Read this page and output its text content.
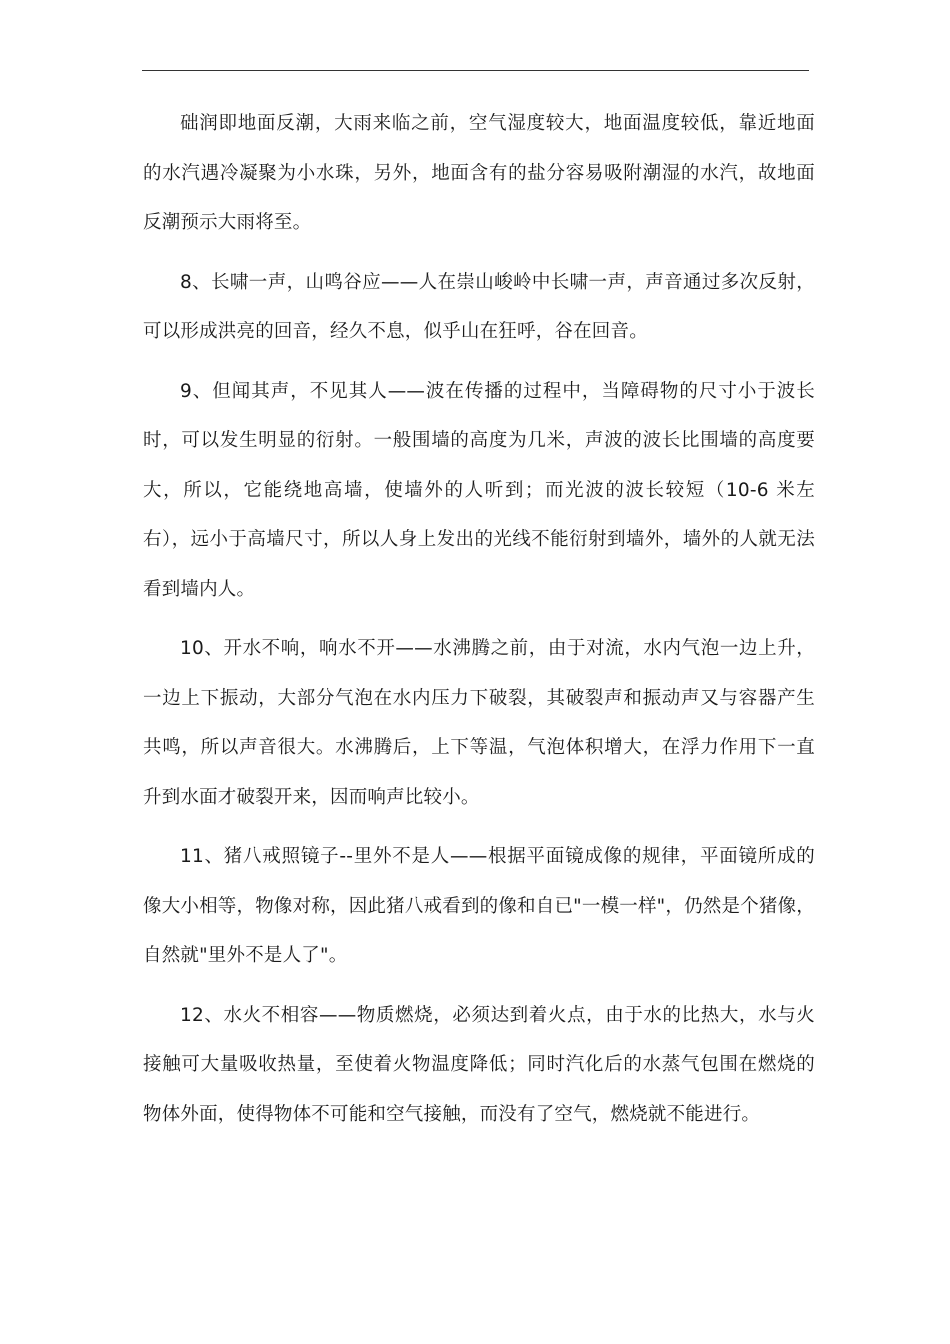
础润即地面反潮，大雨来临之前，空气湿度较大，地面温度较低，靠近地面的水汽遇冷凝聚为小水珠，另外，地面含有的盐分容易吸附潮湿的水汽，故地面反潮预示大雨将至。

8、长啸一声，山鸣谷应——人在崇山峻岭中长啸一声，声音通过多次反射，可以形成洪亮的回音，经久不息，似乎山在狂呼，谷在回音。

9、但闻其声，不见其人——波在传播的过程中，当障碍物的尺寸小于波长时，可以发生明显的衍射。一般围墙的高度为几米，声波的波长比围墙的高度要大，所以，它能绕地高墙，使墙外的人听到；而光波的波长较短（10-6 米左右），远小于高墙尺寸，所以人身上发出的光线不能衍射到墙外，墙外的人就无法看到墙内人。

10、开水不响，响水不开——水沸腾之前，由于对流，水内气泡一边上升，一边上下振动，大部分气泡在水内压力下破裂，其破裂声和振动声又与容器产生共鸣，所以声音很大。水沸腾后，上下等温，气泡体积增大，在浮力作用下一直升到水面才破裂开来，因而响声比较小。

11、猪八戒照镜子--里外不是人——根据平面镜成像的规律，平面镜所成的像大小相等，物像对称，因此猪八戒看到的像和自已"一模一样"，仍然是个猪像，自然就"里外不是人了"。

12、水火不相容——物质燃烧，必须达到着火点，由于水的比热大，水与火接触可大量吸收热量，至使着火物温度降低；同时汽化后的水蒸气包围在燃烧的物体外面，使得物体不可能和空气接触，而没有了空气，燃烧就不能进行。
